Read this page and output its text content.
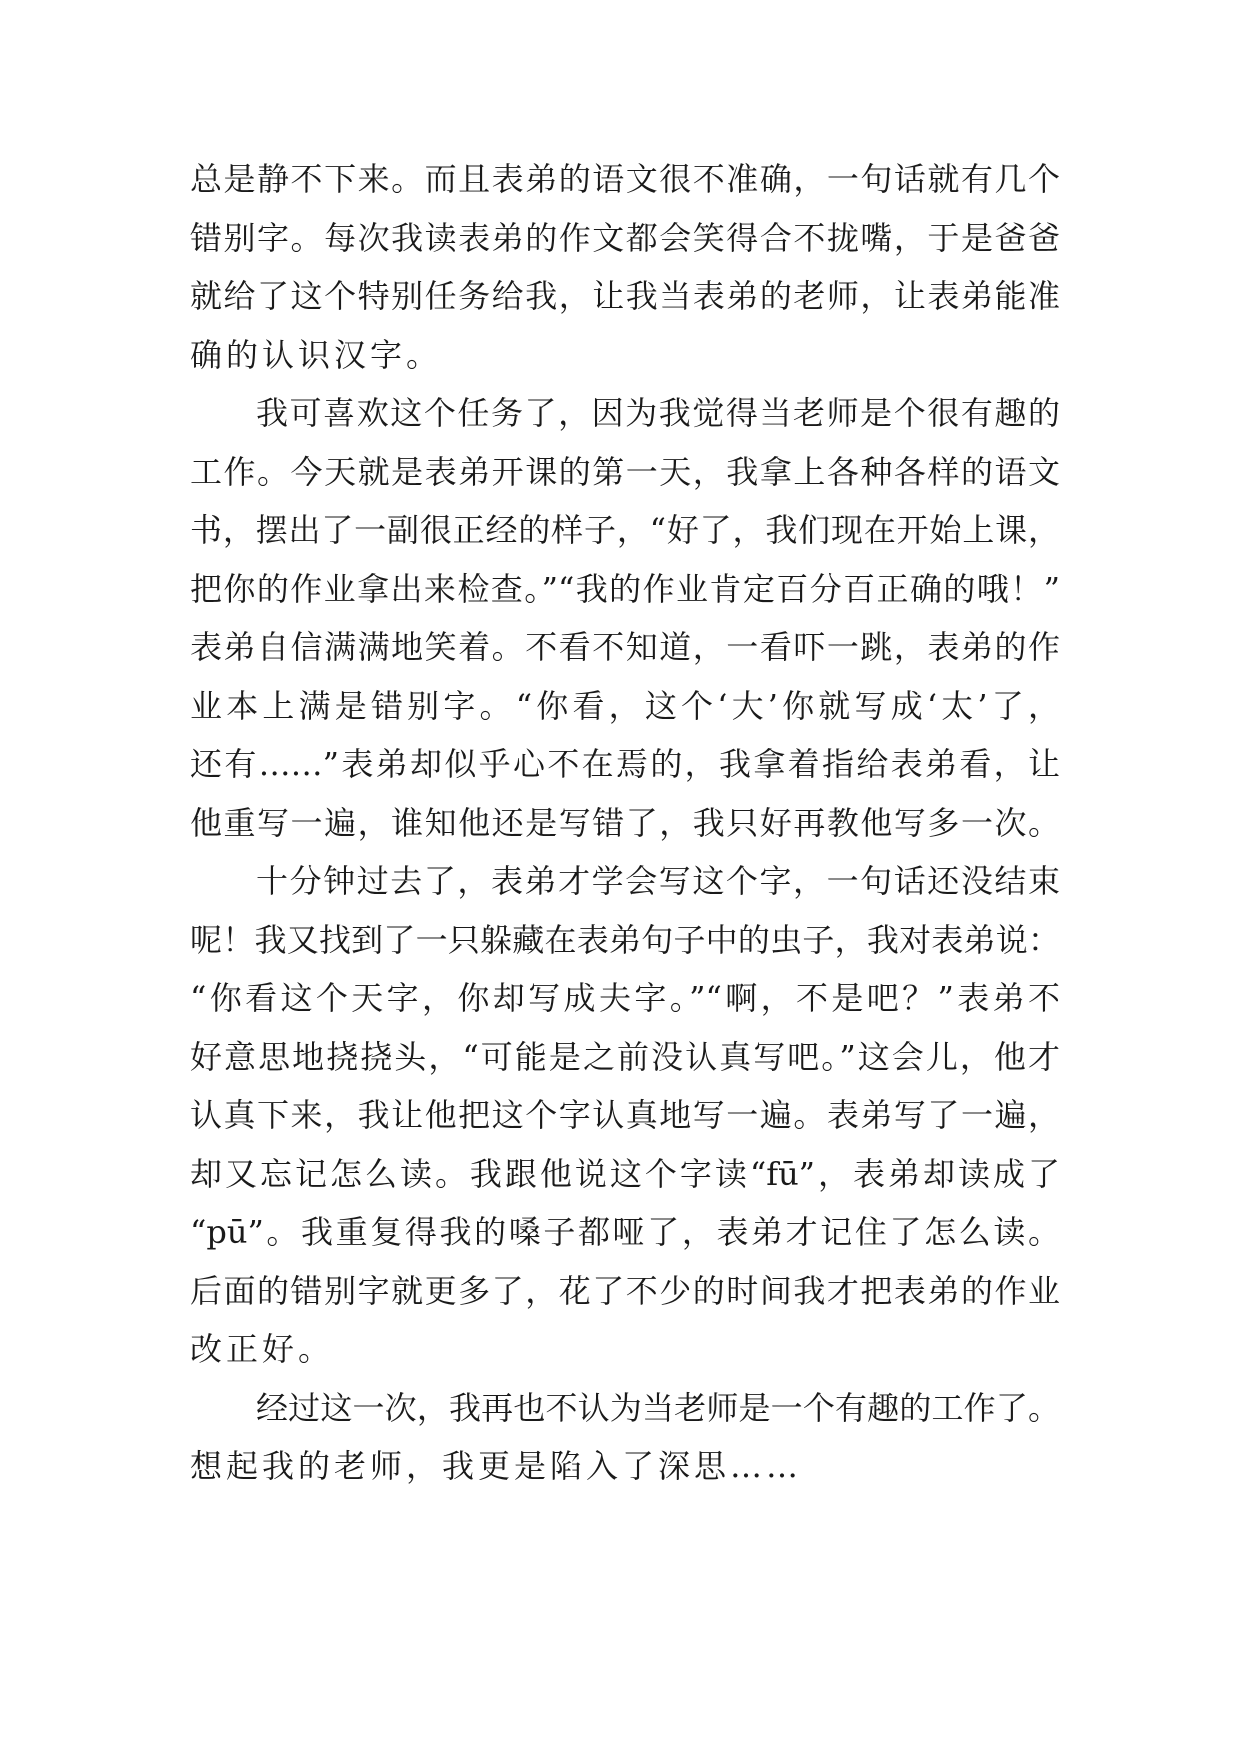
总是静不下来。而且表弟的语文很不准确，一句话就有几个
错别字。每次我读表弟的作文都会笑得合不拢嘴，于是爸爸
就给了这个特别任务给我，让我当表弟的老师，让表弟能准
确的认识汉字。
我可喜欢这个任务了，因为我觉得当老师是个很有趣的
工作。今天就是表弟开课的第一天，我拿上各种各样的语文
书，摆出了一副很正经的样子，“好了，我们现在开始上课，
把你的作业拿出来检查。”“我的作业肯定百分百正确的哦！”
表弟自信满满地笑着。不看不知道，一看吓一跳，表弟的作
业本上满是错别字。“你看，这个‘大’你就写成‘太’了，
还有……”表弟却似乎心不在焉的，我拿着指给表弟看，让
他重写一遍，谁知他还是写错了，我只好再教他写多一次。
十分钟过去了，表弟才学会写这个字，一句话还没结束
呢！我又找到了一只躲藏在表弟句子中的虫子，我对表弟说：
“你看这个天字，你却写成夫字。”“啊，不是吧？”表弟不
好意思地挠挠头，“可能是之前没认真写吧。”这会儿，他才
认真下来，我让他把这个字认真地写一遍。表弟写了一遍，
却又忘记怎么读。我跟他说这个字读“fū”，表弟却读成了
“pū”。我重复得我的嗓子都哑了，表弟才记住了怎么读。
后面的错别字就更多了，花了不少的时间我才把表弟的作业
改正好。
经过这一次，我再也不认为当老师是一个有趣的工作了。
想起我的老师，我更是陷入了深思……
